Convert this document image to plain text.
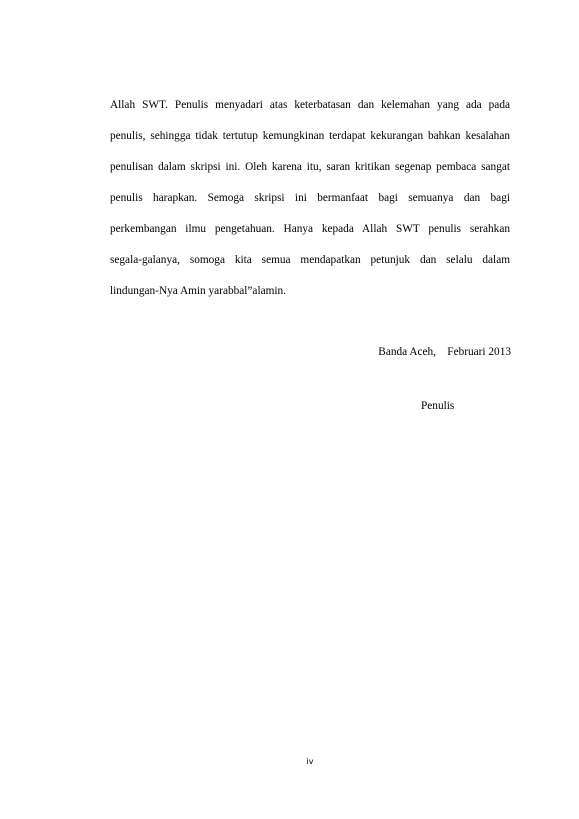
Allah SWT. Penulis menyadari atas keterbatasan dan kelemahan yang ada pada
penulis, sehingga tidak tertutup kemungkinan terdapat kekurangan bahkan kesalahan
penulisan dalam skripsi ini. Oleh karena itu, saran kritikan segenap pembaca sangat
penulis harapkan. Semoga skripsi ini bermanfaat bagi semuanya dan bagi
perkembangan ilmu pengetahuan. Hanya kepada Allah SWT penulis serahkan
segala-galanya, somoga kita semua mendapatkan petunjuk dan selalu dalam
lindungan-Nya Amin yarabbal”alamin.
Banda Aceh,    Februari 2013
Penulis
iv
